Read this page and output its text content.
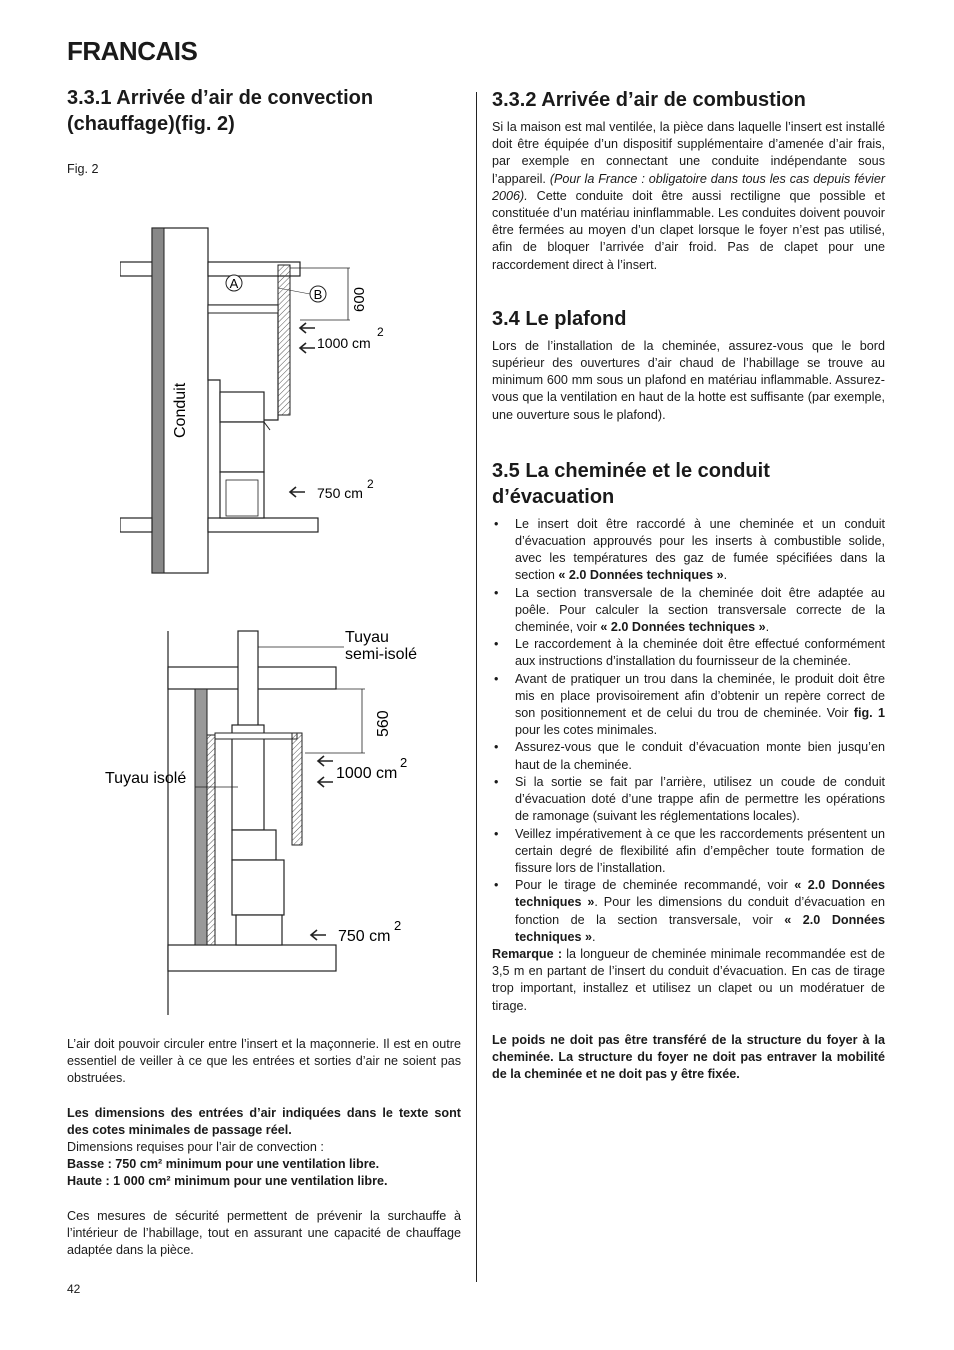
FRANCAIS
3.3.1 Arrivée d’air de convection (chauffage)(fig. 2)
Fig. 2
A
B
Conduit
600
1000 cm
2
750 cm
2
Tuyau
semi-isolé
Tuyau isolé
560
1000 cm
2
750 cm
2

L’air doit pouvoir circuler entre l’insert et la maçonnerie. Il est en outre essentiel de veiller à ce que les entrées et sorties d’air ne soient pas obstruées.

Les dimensions des entrées d’air indiquées dans le texte sont des cotes minimales de passage réel.

Dimensions requises pour l’air de convection :

Basse : 750 cm² minimum pour une ventilation libre.

Haute : 1 000 cm² minimum pour une ventilation libre.

Ces mesures de sécurité permettent de prévenir la surchauffe à l’intérieur de l’habillage, tout en assurant une capacité de chauffage adaptée dans la pièce.

3.3.2 Arrivée d’air de combustion

Si la maison est mal ventilée, la pièce dans laquelle l’insert est installé doit être équipée d’un dispositif supplémentaire d’amenée d’air frais, par exemple en connectant une conduite indépendante sous l’appareil. (Pour la France : obligatoire dans tous les cas depuis févier 2006). Cette conduite doit être aussi rectiligne que possible et constituée d’un matériau ininflammable. Les conduites doivent pouvoir être fermées au moyen d’un clapet lorsque le foyer n’est pas utilisé, afin de bloquer l’arrivée d’air froid. Pas de clapet pour une raccordement direct à l’insert.

3.4 Le plafond

Lors de l’installation de la cheminée, assurez-vous que le bord supérieur des ouvertures d’air chaud de l’habillage se trouve au minimum 600 mm sous un plafond en matériau inflammable. Assurez-vous que la ventilation en haut de la hotte est suffisante (par exemple, une ouverture sous le plafond).

3.5 La cheminée et le conduit d’évacuation
• Le insert doit être raccordé à une cheminée et un conduit d’évacuation approuvés pour les inserts à combustible solide, avec les températures des gaz de fumée spécifiées dans la section « 2.0 Données techniques ».
• La section transversale de la cheminée doit être adaptée au poêle. Pour calculer la section transversale correcte de la cheminée, voir « 2.0 Données techniques ».
• Le raccordement à la cheminée doit être effectué conformément aux instructions d’installation du fournisseur de la cheminée.
• Avant de pratiquer un trou dans la cheminée, le produit doit être mis en place provisoirement afin d’obtenir un repère correct de son positionnement et de celui du trou de cheminée. Voir fig. 1 pour les cotes minimales.
• Assurez-vous que le conduit d’évacuation monte bien jusqu’en haut de la cheminée.
• Si la sortie se fait par l’arrière, utilisez un coude de conduit d’évacuation doté d’une trappe afin de permettre les opérations de ramonage (suivant les réglementations locales).
• Veillez impérativement à ce que les raccordements présentent un certain degré de flexibilité afin d’empêcher toute formation de fissure lors de l’installation.
• Pour le tirage de cheminée recommandé, voir « 2.0 Données techniques ». Pour les dimensions du conduit d’évacuation en fonction de la section transversale, voir « 2.0 Données techniques ».

Remarque : la longueur de cheminée minimale recommandée est de 3,5 m en partant de l’insert du conduit d’évacuation. En cas de tirage trop important, installez et utilisez un clapet ou un modératuer de tirage.

Le poids ne doit pas être transféré de la structure du foyer à la cheminée. La structure du foyer ne doit pas entraver la mobilité de la cheminée et ne doit pas y être fixée.

42
